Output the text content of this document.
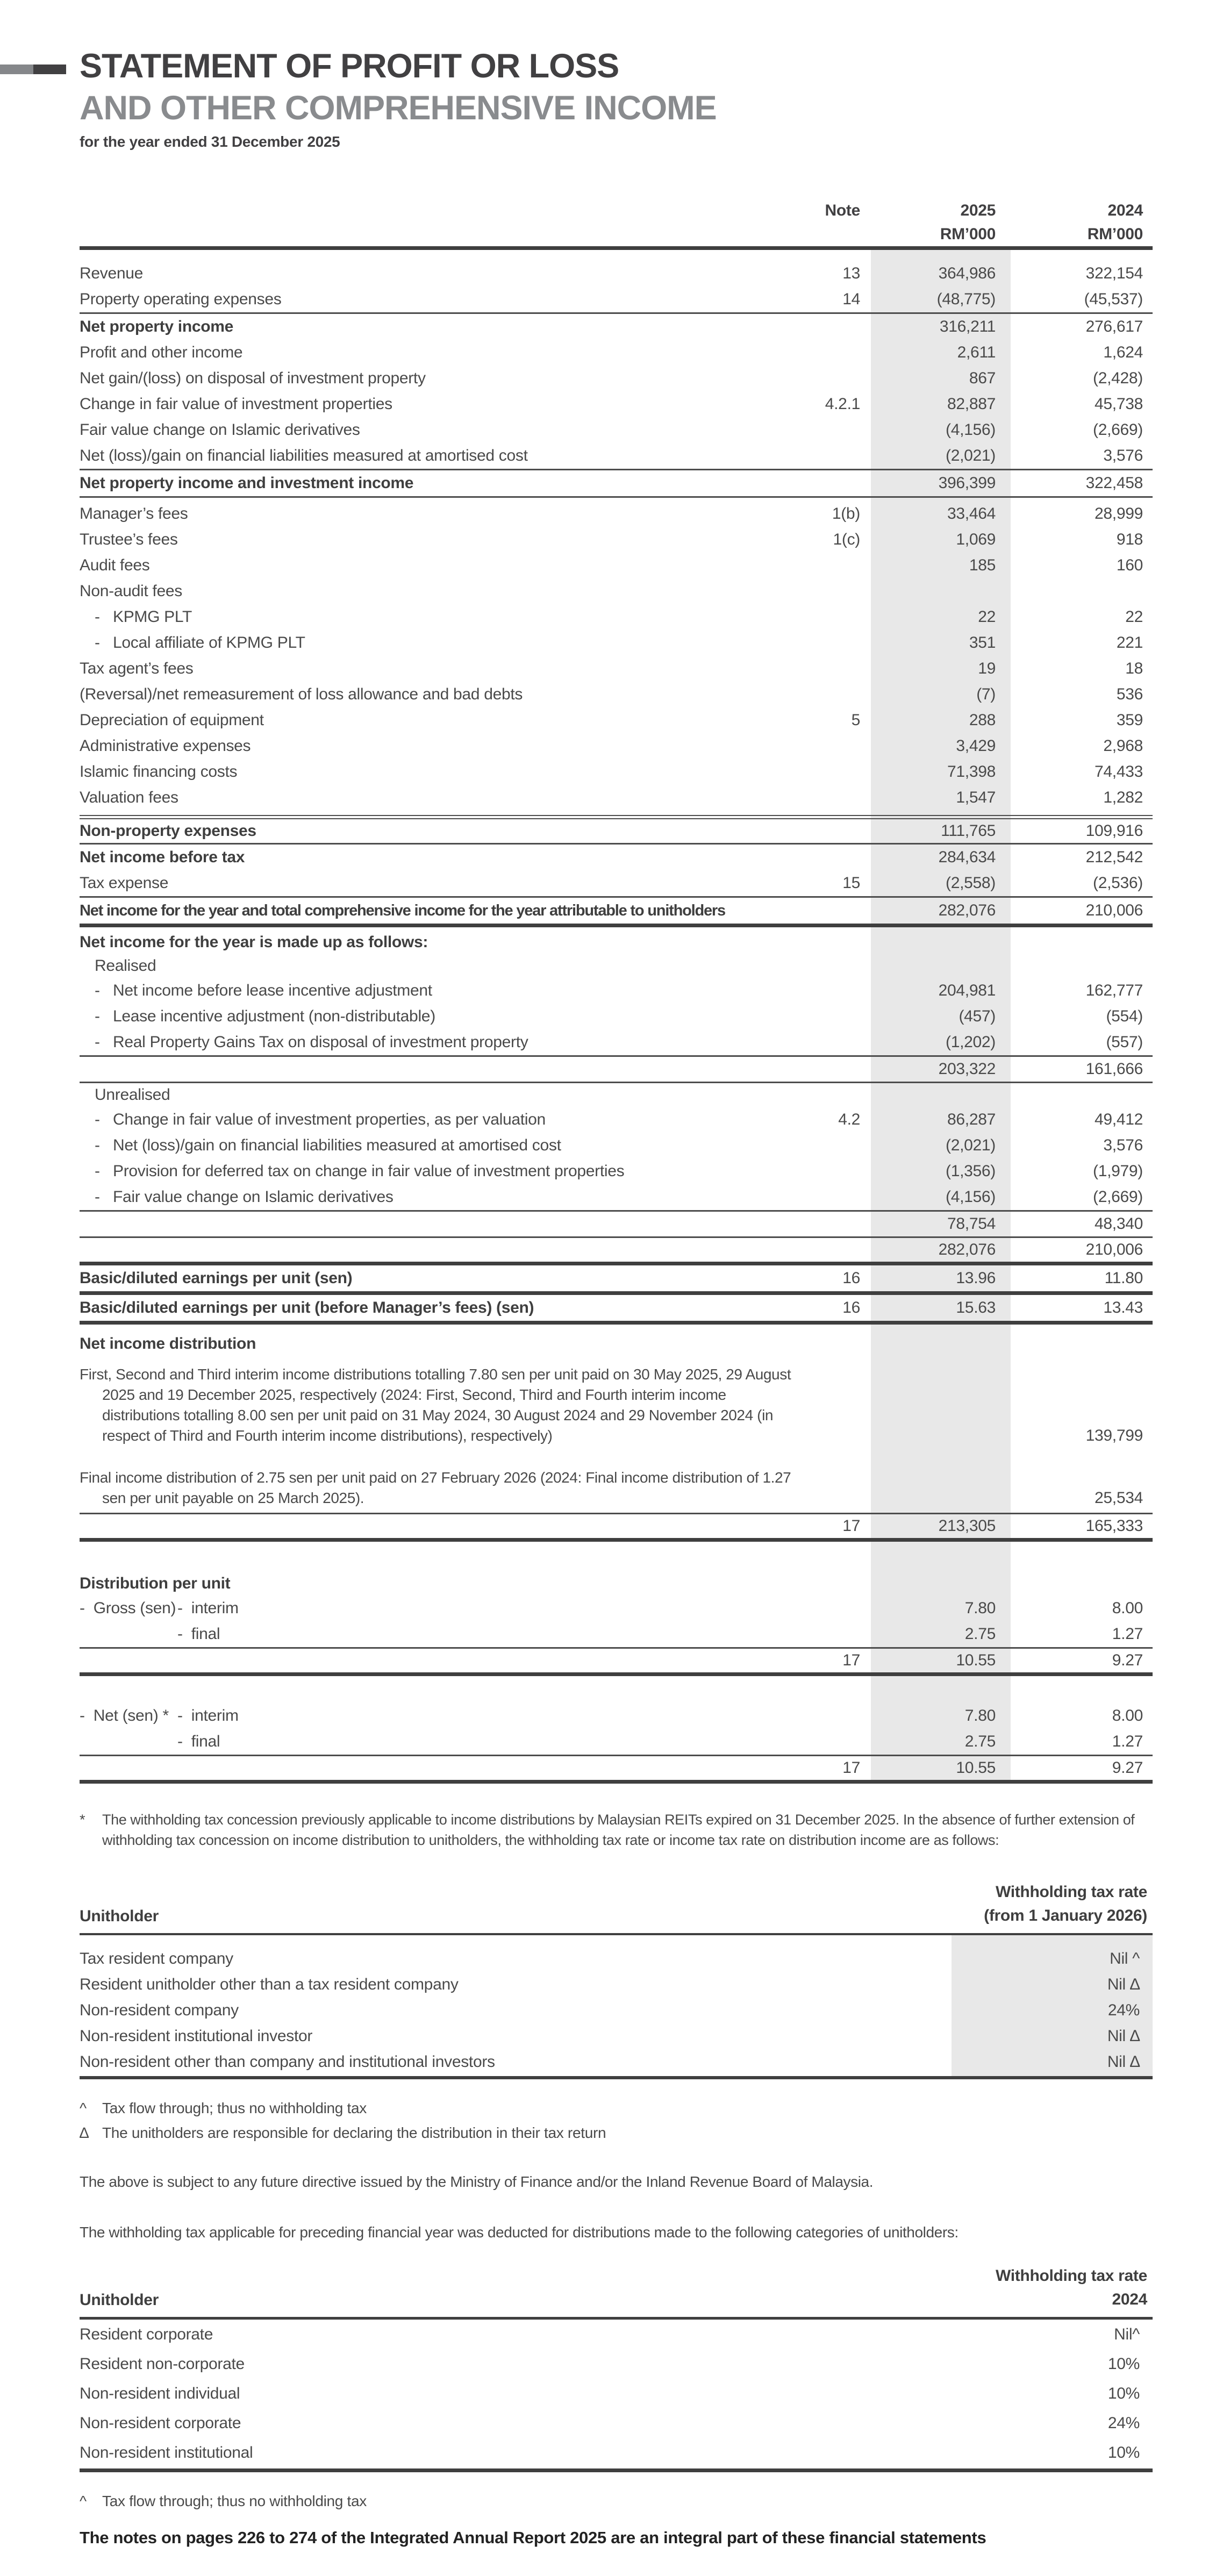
STATEMENT OF PROFIT OR LOSS
AND OTHER COMPREHENSIVE INCOME
for the year ended 31 December 2025
Note	2025	2024
RM’000	RM’000
Revenue	13	364,986	322,154
Property operating expenses	14	(48,775)	(45,537)
Net property income	316,211	276,617
Profit and other income	2,611	1,624
Net gain/(loss) on disposal of investment property	867	(2,428)
Change in fair value of investment properties	4.2.1	82,887	45,738
Fair value change on Islamic derivatives	(4,156)	(2,669)
Net (loss)/gain on financial liabilities measured at amortised cost	(2,021)	3,576
Net property income and investment income	396,399	322,458
Manager’s fees	1(b)	33,464	28,999
Trustee’s fees	1(c)	1,069	918
Audit fees	185	160
Non-audit fees
- KPMG PLT	22	22
- Local affiliate of KPMG PLT	351	221
Tax agent’s fees	19	18
(Reversal)/net remeasurement of loss allowance and bad debts	(7)	536
Depreciation of equipment	5	288	359
Administrative expenses	3,429	2,968
Islamic financing costs	71,398	74,433
Valuation fees	1,547	1,282
Non-property expenses	111,765	109,916
Net income before tax	284,634	212,542
Tax expense	15	(2,558)	(2,536)
Net income for the year and total comprehensive income for the year attributable to unitholders	282,076	210,006
Net income for the year is made up as follows:
Realised
- Net income before lease incentive adjustment	204,981	162,777
- Lease incentive adjustment (non-distributable)	(457)	(554)
- Real Property Gains Tax on disposal of investment property	(1,202)	(557)
203,322	161,666
Unrealised
- Change in fair value of investment properties, as per valuation	4.2	86,287	49,412
- Net (loss)/gain on financial liabilities measured at amortised cost	(2,021)	3,576
- Provision for deferred tax on change in fair value of investment properties	(1,356)	(1,979)
- Fair value change on Islamic derivatives	(4,156)	(2,669)
78,754	48,340
282,076	210,006
Basic/diluted earnings per unit (sen)	16	13.96	11.80
Basic/diluted earnings per unit (before Manager’s fees) (sen)	16	15.63	13.43
Net income distribution
First, Second and Third interim income distributions totalling 7.80 sen per unit paid on 30 May 2025, 29 August 2025 and 19 December 2025, respectively (2024: First, Second, Third and Fourth interim income distributions totalling 8.00 sen per unit paid on 31 May 2024, 30 August 2024 and 29 November 2024 (in respect of Third and Fourth interim income distributions), respectively)	139,799
Final income distribution of 2.75 sen per unit paid on 27 February 2026 (2024: Final income distribution of 1.27 sen per unit payable on 25 March 2025).	25,534
17	213,305	165,333
Distribution per unit
-  Gross (sen)-  interim	7.80	8.00
-  final	2.75	1.27
17	10.55	9.27
-  Net (sen) * -  interim	7.80	8.00
-  final	2.75	1.27
17	10.55	9.27
* The withholding tax concession previously applicable to income distributions by Malaysian REITs expired on 31 December 2025. In the absence of further extension of withholding tax concession on income distribution to unitholders, the withholding tax rate or income tax rate on distribution income are as follows:
Unitholder
Withholding tax rate
(from 1 January 2026)
Tax resident company	Nil ^
Resident unitholder other than a tax resident company	Nil ∆
Non-resident company	24%
Non-resident institutional investor	Nil ∆
Non-resident other than company and institutional investors	Nil ∆
^ Tax flow through; thus no withholding tax
∆ The unitholders are responsible for declaring the distribution in their tax return
The above is subject to any future directive issued by the Ministry of Finance and/or the Inland Revenue Board of Malaysia.
The withholding tax applicable for preceding financial year was deducted for distributions made to the following categories of unitholders:
Unitholder
Withholding tax rate
2024
Resident corporate	Nil^
Resident non-corporate	10%
Non-resident individual	10%
Non-resident corporate	24%
Non-resident institutional	10%
^ Tax flow through; thus no withholding tax
The notes on pages 226 to 274 of the Integrated Annual Report 2025 are an integral part of these financial statements
